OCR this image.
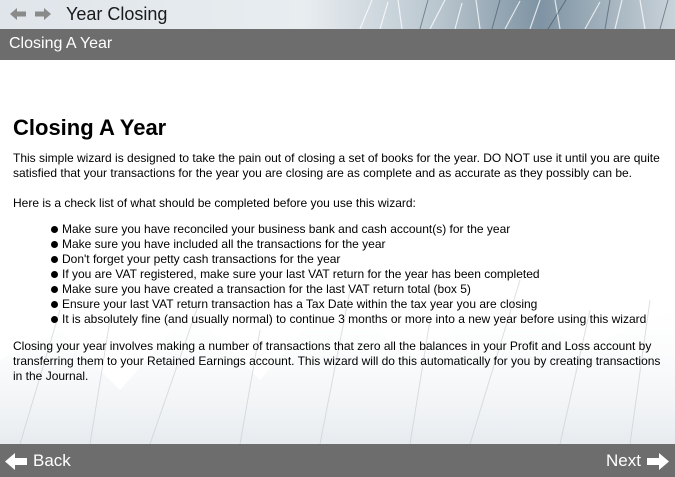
Year Closing
Closing A Year
Closing A Year

This simple wizard is designed to take the pain out of closing a set of books for the year. DO NOT use it until you are quite satisfied that your transactions for the year you are closing are as complete and as accurate as they possibly can be.

Here is a check list of what should be completed before you use this wizard:

Make sure you have reconciled your business bank and cash account(s) for the year
Make sure you have included all the transactions for the year
Don't forget your petty cash transactions for the year
If you are VAT registered, make sure your last VAT return for the year has been completed
Make sure you have created a transaction for the last VAT return total (box 5)
Ensure your last VAT return transaction has a Tax Date within the tax year you are closing
It is absolutely fine (and usually normal) to continue 3 months or more into a new year before using this wizard

Closing your year involves making a number of transactions that zero all the balances in your Profit and Loss account by transferring them to your Retained Earnings account. This wizard will do this automatically for you by creating transactions in the Journal.

Back	Next
